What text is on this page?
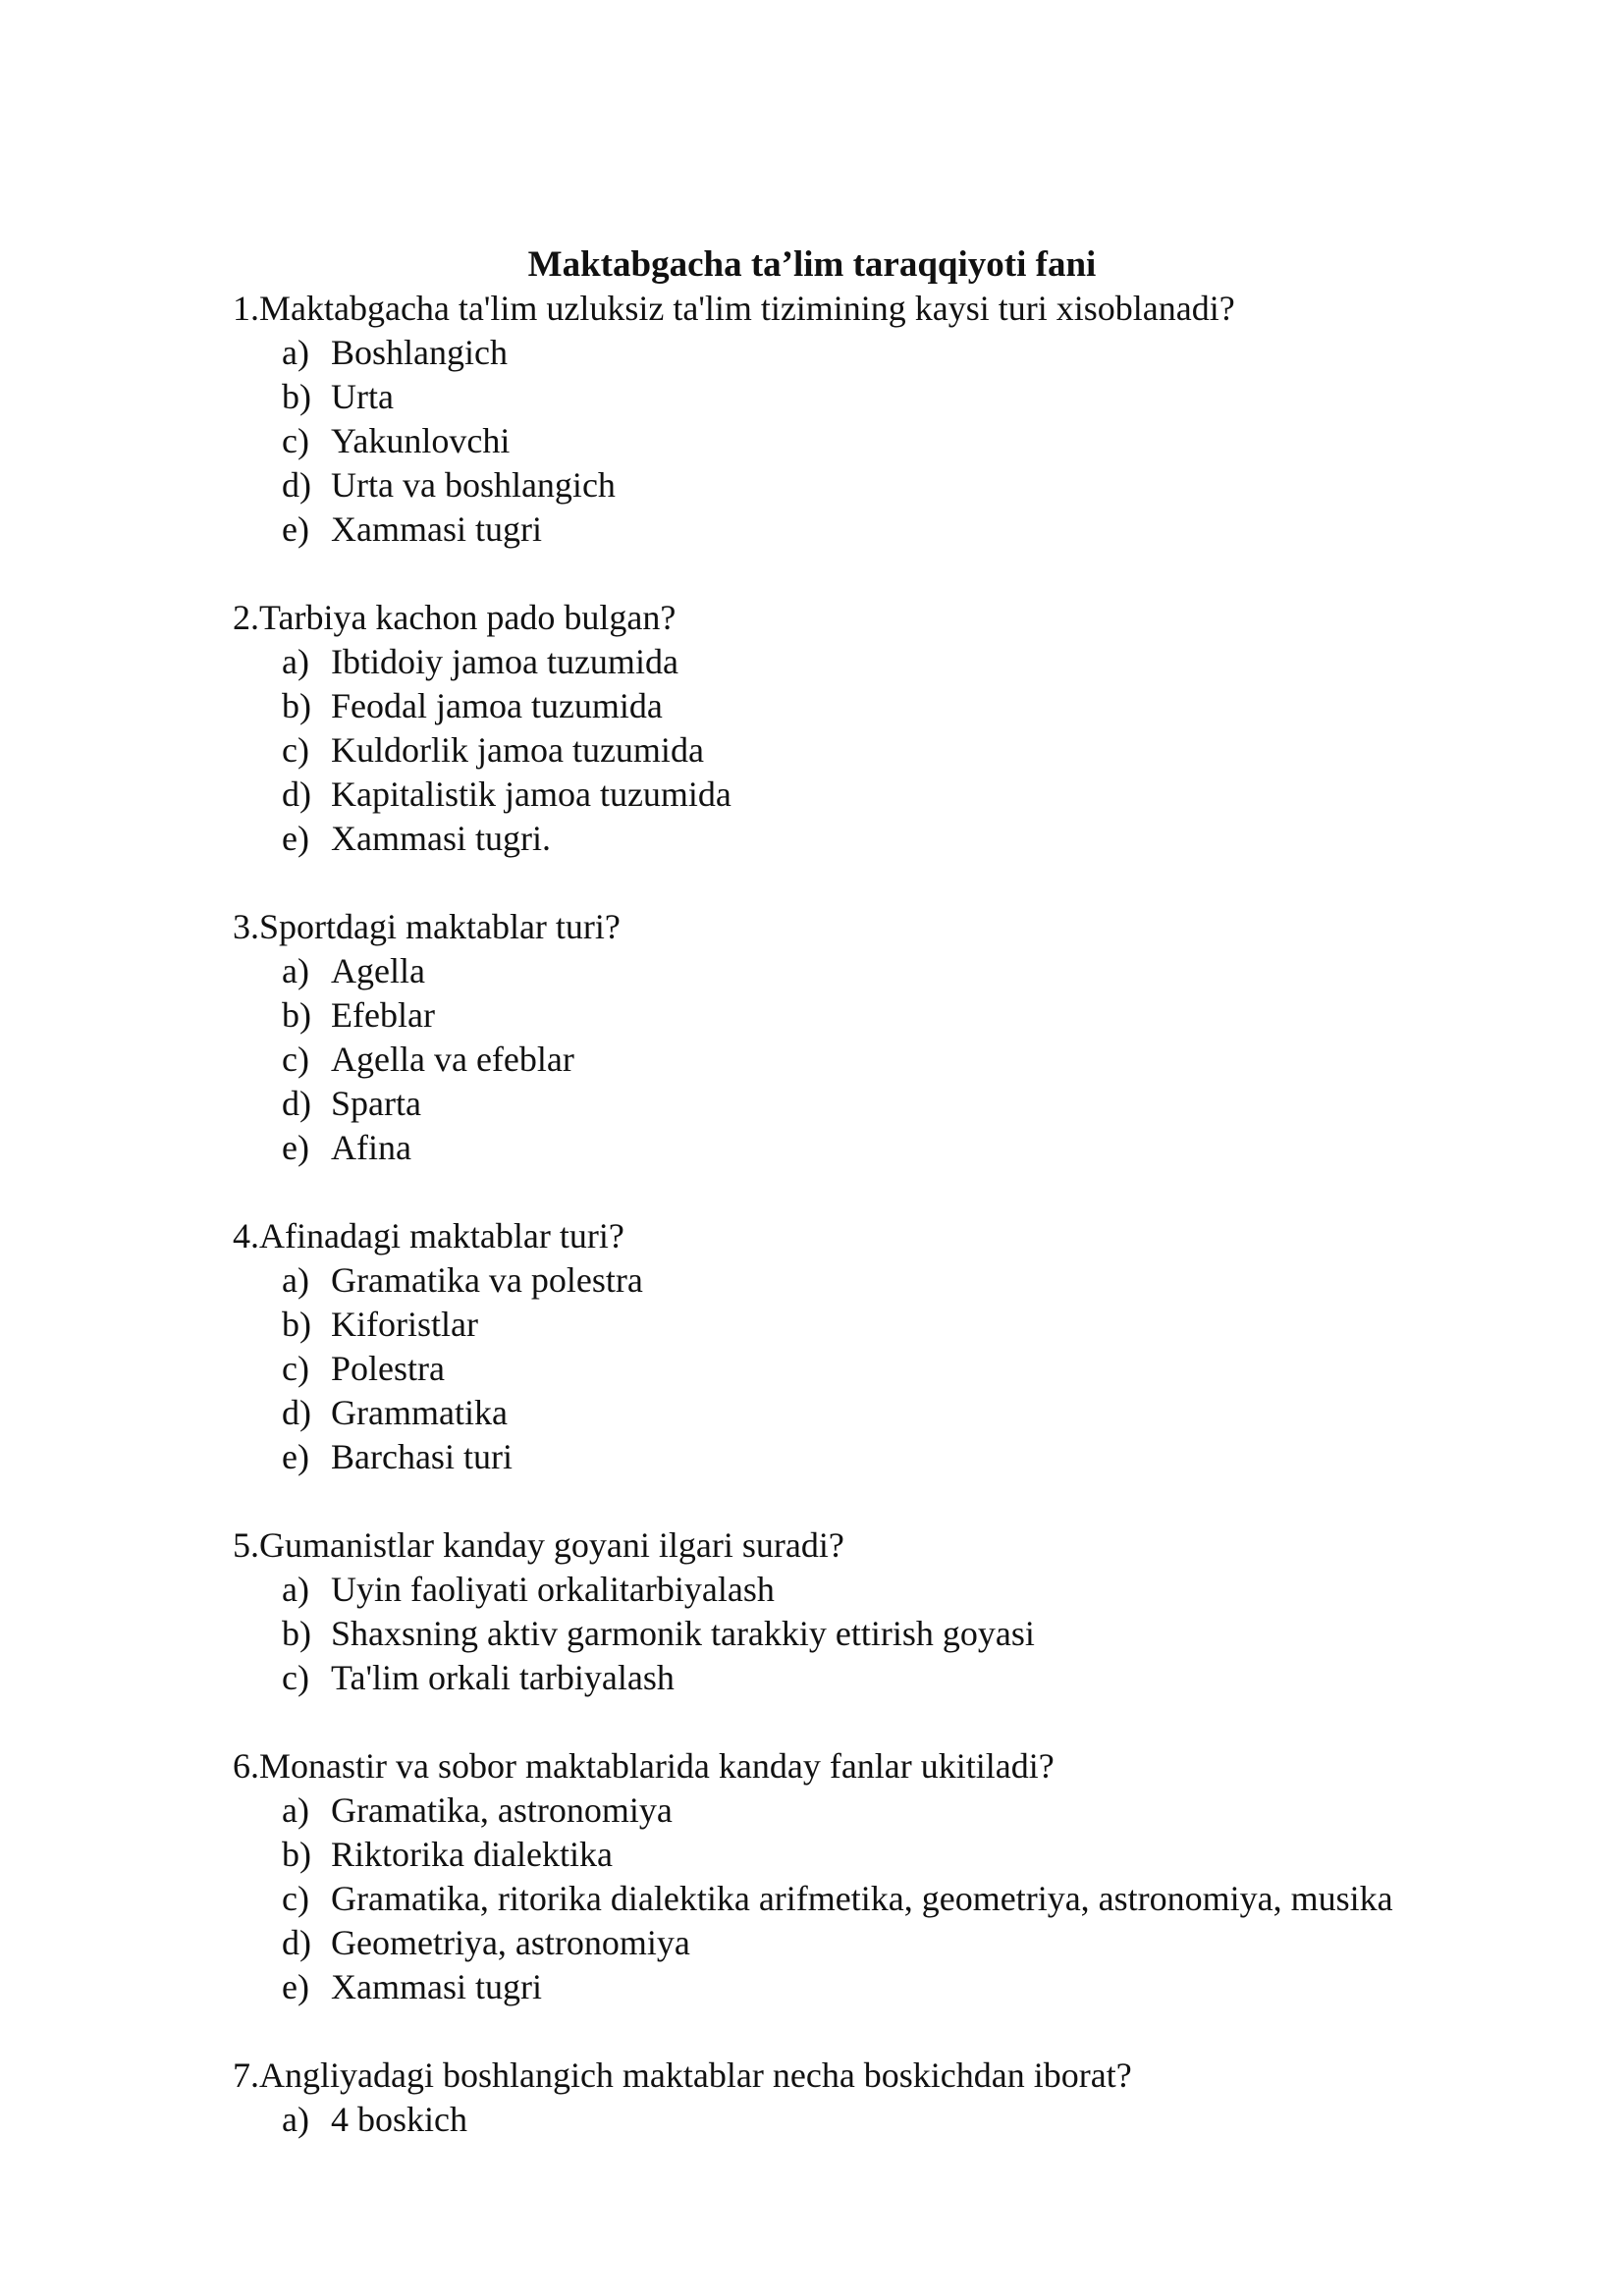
Maktabgacha ta’lim taraqqiyoti fani
1.Maktabgacha ta'lim uzluksiz ta'lim tizimining kaysi turi xisoblanadi?
a) Boshlangich
b) Urta
c) Yakunlovchi
d) Urta va boshlangich
e) Xammasi tugri
2.Tarbiya kachon pado bulgan?
a) Ibtidoiy jamoa tuzumida
b) Feodal jamoa tuzumida
c) Kuldorlik jamoa tuzumida
d) Kapitalistik jamoa tuzumida
e) Xammasi tugri.
3.Sportdagi maktablar turi?
a) Agella
b) Efeblar
c) Agella va efeblar
d) Sparta
e) Afina
4.Afinadagi maktablar turi?
a) Gramatika va polestra
b) Kiforistlar
c) Polestra
d) Grammatika
e) Barchasi turi
5.Gumanistlar kanday goyani ilgari suradi?
a) Uyin faoliyati orkalitarbiyalash
b) Shaxsning aktiv garmonik tarakkiy ettirish goyasi
c) Ta'lim orkali tarbiyalash
6.Monastir va sobor maktablarida kanday fanlar ukitiladi?
a) Gramatika, astronomiya
b) Riktorika dialektika
c) Gramatika, ritorika dialektika arifmetika, geometriya, astronomiya, musika
d) Geometriya, astronomiya
e) Xammasi tugri
7.Angliyadagi boshlangich maktablar necha boskichdan iborat?
a) 4 boskich
